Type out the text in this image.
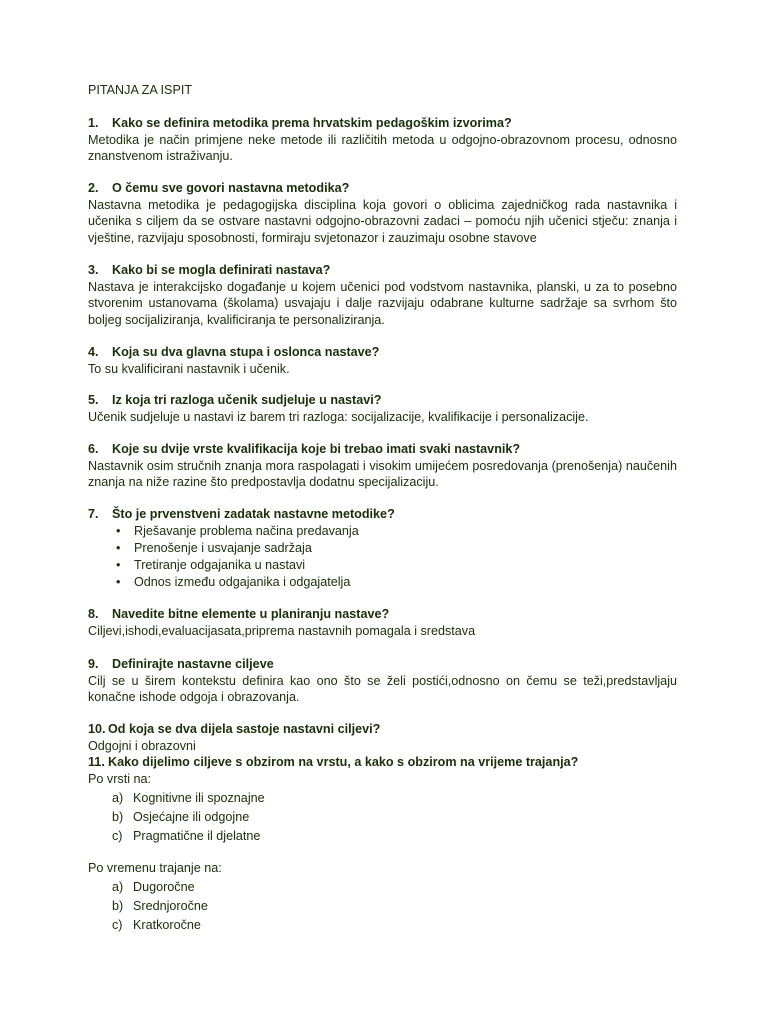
PITANJA ZA ISPIT
1.	Kako se definira metodika prema hrvatskim pedagoškim izvorima?
Metodika je način primjene neke metode ili različitih metoda u odgojno-obrazovnom procesu, odnosno znanstvenom istraživanju.
2.	O čemu sve govori nastavna metodika?
Nastavna metodika je pedagogijska disciplina koja govori o oblicima zajedničkog rada nastavnika i učenika s ciljem da se ostvare nastavni odgojno-obrazovni zadaci – pomoću njih učenici stječu: znanja i vještine, razvijaju sposobnosti, formiraju svjetonazor i zauzimaju osobne stavove
3.	Kako bi se mogla definirati nastava?
Nastava je interakcijsko događanje u kojem učenici pod vodstvom nastavnika, planski, u za to posebno stvorenim ustanovama (školama) usvajaju i dalje razvijaju odabrane kulturne sadržaje sa svrhom što boljeg socijaliziranja, kvalificiranja te personaliziranja.
4.	Koja su dva glavna stupa i oslonca nastave?
To su kvalificirani nastavnik i učenik.
5.	Iz koja tri razloga učenik sudjeluje u nastavi?
Učenik sudjeluje u nastavi iz barem tri razloga: socijalizacije, kvalifikacije i personalizacije.
6.	Koje su dvije vrste kvalifikacija koje bi trebao imati svaki nastavnik?
Nastavnik osim stručnih znanja mora raspolagati i visokim umijećem posredovanja (prenošenja) naučenih znanja na niže razine što predpostavlja dodatnu specijalizaciju.
7.	Što je prvenstveni zadatak nastavne metodike?
•	Rješavanje problema načina predavanja
•	Prenošenje i usvajanje sadržaja
•	Tretiranje odgajanika u nastavi
•	Odnos između odgajanika i odgajatelja
8.	Navedite bitne elemente u planiranju nastave?
Ciljevi,ishodi,evaluacijasata,priprema nastavnih pomagala i sredstava
9.	Definirajte nastavne ciljeve
Cilj se u širem kontekstu definira kao ono što se želi postići,odnosno on čemu se teži,predstavljaju konačne ishode odgoja i obrazovanja.
10. Od koja se dva dijela sastoje nastavni ciljevi?
Odgojni i obrazovni
11. Kako dijelimo ciljeve s obzirom na vrstu, a kako s obzirom na vrijeme trajanja?
Po vrsti na:
a) Kognitivne ili spoznajne
b) Osjećajne ili odgojne
c) Pragmatične il djelatne
Po vremenu trajanje na:
a) Dugoročne
b) Srednjoročne
c) Kratkoročne
